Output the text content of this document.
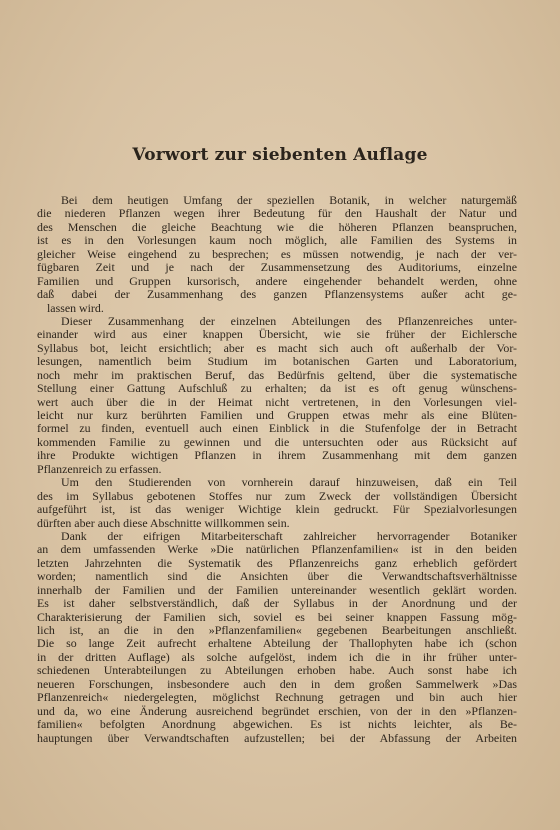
Vorwort zur siebenten Auflage
Bei dem heutigen Umfang der speziellen Botanik, in welcher naturgemäß
die niederen Pflanzen wegen ihrer Bedeutung für den Haushalt der Natur und
des Menschen die gleiche Beachtung wie die höheren Pflanzen beanspruchen,
ist es in den Vorlesungen kaum noch möglich, alle Familien des Systems in
gleicher Weise eingehend zu besprechen; es müssen notwendig, je nach der ver-
fügbaren Zeit und je nach der Zusammensetzung des Auditoriums, einzelne
Familien und Gruppen kursorisch, andere eingehender behandelt werden, ohne
daß dabei der Zusammenhang des ganzen Pflanzensystems außer acht ge-
lassen wird.
Dieser Zusammenhang der einzelnen Abteilungen des Pflanzenreiches unter-
einander wird aus einer knappen Übersicht, wie sie früher der Eichlersche
Syllabus bot, leicht ersichtlich; aber es macht sich auch oft außerhalb der Vor-
lesungen, namentlich beim Studium im botanischen Garten und Laboratorium,
noch mehr im praktischen Beruf, das Bedürfnis geltend, über die systematische
Stellung einer Gattung Aufschluß zu erhalten; da ist es oft genug wünschens-
wert auch über die in der Heimat nicht vertretenen, in den Vorlesungen viel-
leicht nur kurz berührten Familien und Gruppen etwas mehr als eine Blüten-
formel zu finden, eventuell auch einen Einblick in die Stufenfolge der in Betracht
kommenden Familie zu gewinnen und die untersuchten oder aus Rücksicht auf
ihre Produkte wichtigen Pflanzen in ihrem Zusammenhang mit dem ganzen
Pflanzenreich zu erfassen.
Um den Studierenden von vornherein darauf hinzuweisen, daß ein Teil
des im Syllabus gebotenen Stoffes nur zum Zweck der vollständigen Übersicht
aufgeführt ist, ist das weniger Wichtige klein gedruckt. Für Spezialvorlesungen
dürften aber auch diese Abschnitte willkommen sein.
Dank der eifrigen Mitarbeiterschaft zahlreicher hervorragender Botaniker
an dem umfassenden Werke »Die natürlichen Pflanzenfamilien« ist in den beiden
letzten Jahrzehnten die Systematik des Pflanzenreichs ganz erheblich gefördert
worden; namentlich sind die Ansichten über die Verwandtschaftsverhältnisse
innerhalb der Familien und der Familien untereinander wesentlich geklärt worden.
Es ist daher selbstverständlich, daß der Syllabus in der Anordnung und der
Charakterisierung der Familien sich, soviel es bei seiner knappen Fassung mög-
lich ist, an die in den »Pflanzenfamilien« gegebenen Bearbeitungen anschließt.
Die so lange Zeit aufrecht erhaltene Abteilung der Thallophyten habe ich (schon
in der dritten Auflage) als solche aufgelöst, indem ich die in ihr früher unter-
schiedenen Unterabteilungen zu Abteilungen erhoben habe. Auch sonst habe ich
neueren Forschungen, insbesondere auch den in dem großen Sammelwerk »Das
Pflanzenreich« niedergelegten, möglichst Rechnung getragen und bin auch hier
und da, wo eine Änderung ausreichend begründet erschien, von der in den »Pflanzen-
familien« befolgten Anordnung abgewichen. Es ist nichts leichter, als Be-
hauptungen über Verwandtschaften aufzustellen; bei der Abfassung der Arbeiten
